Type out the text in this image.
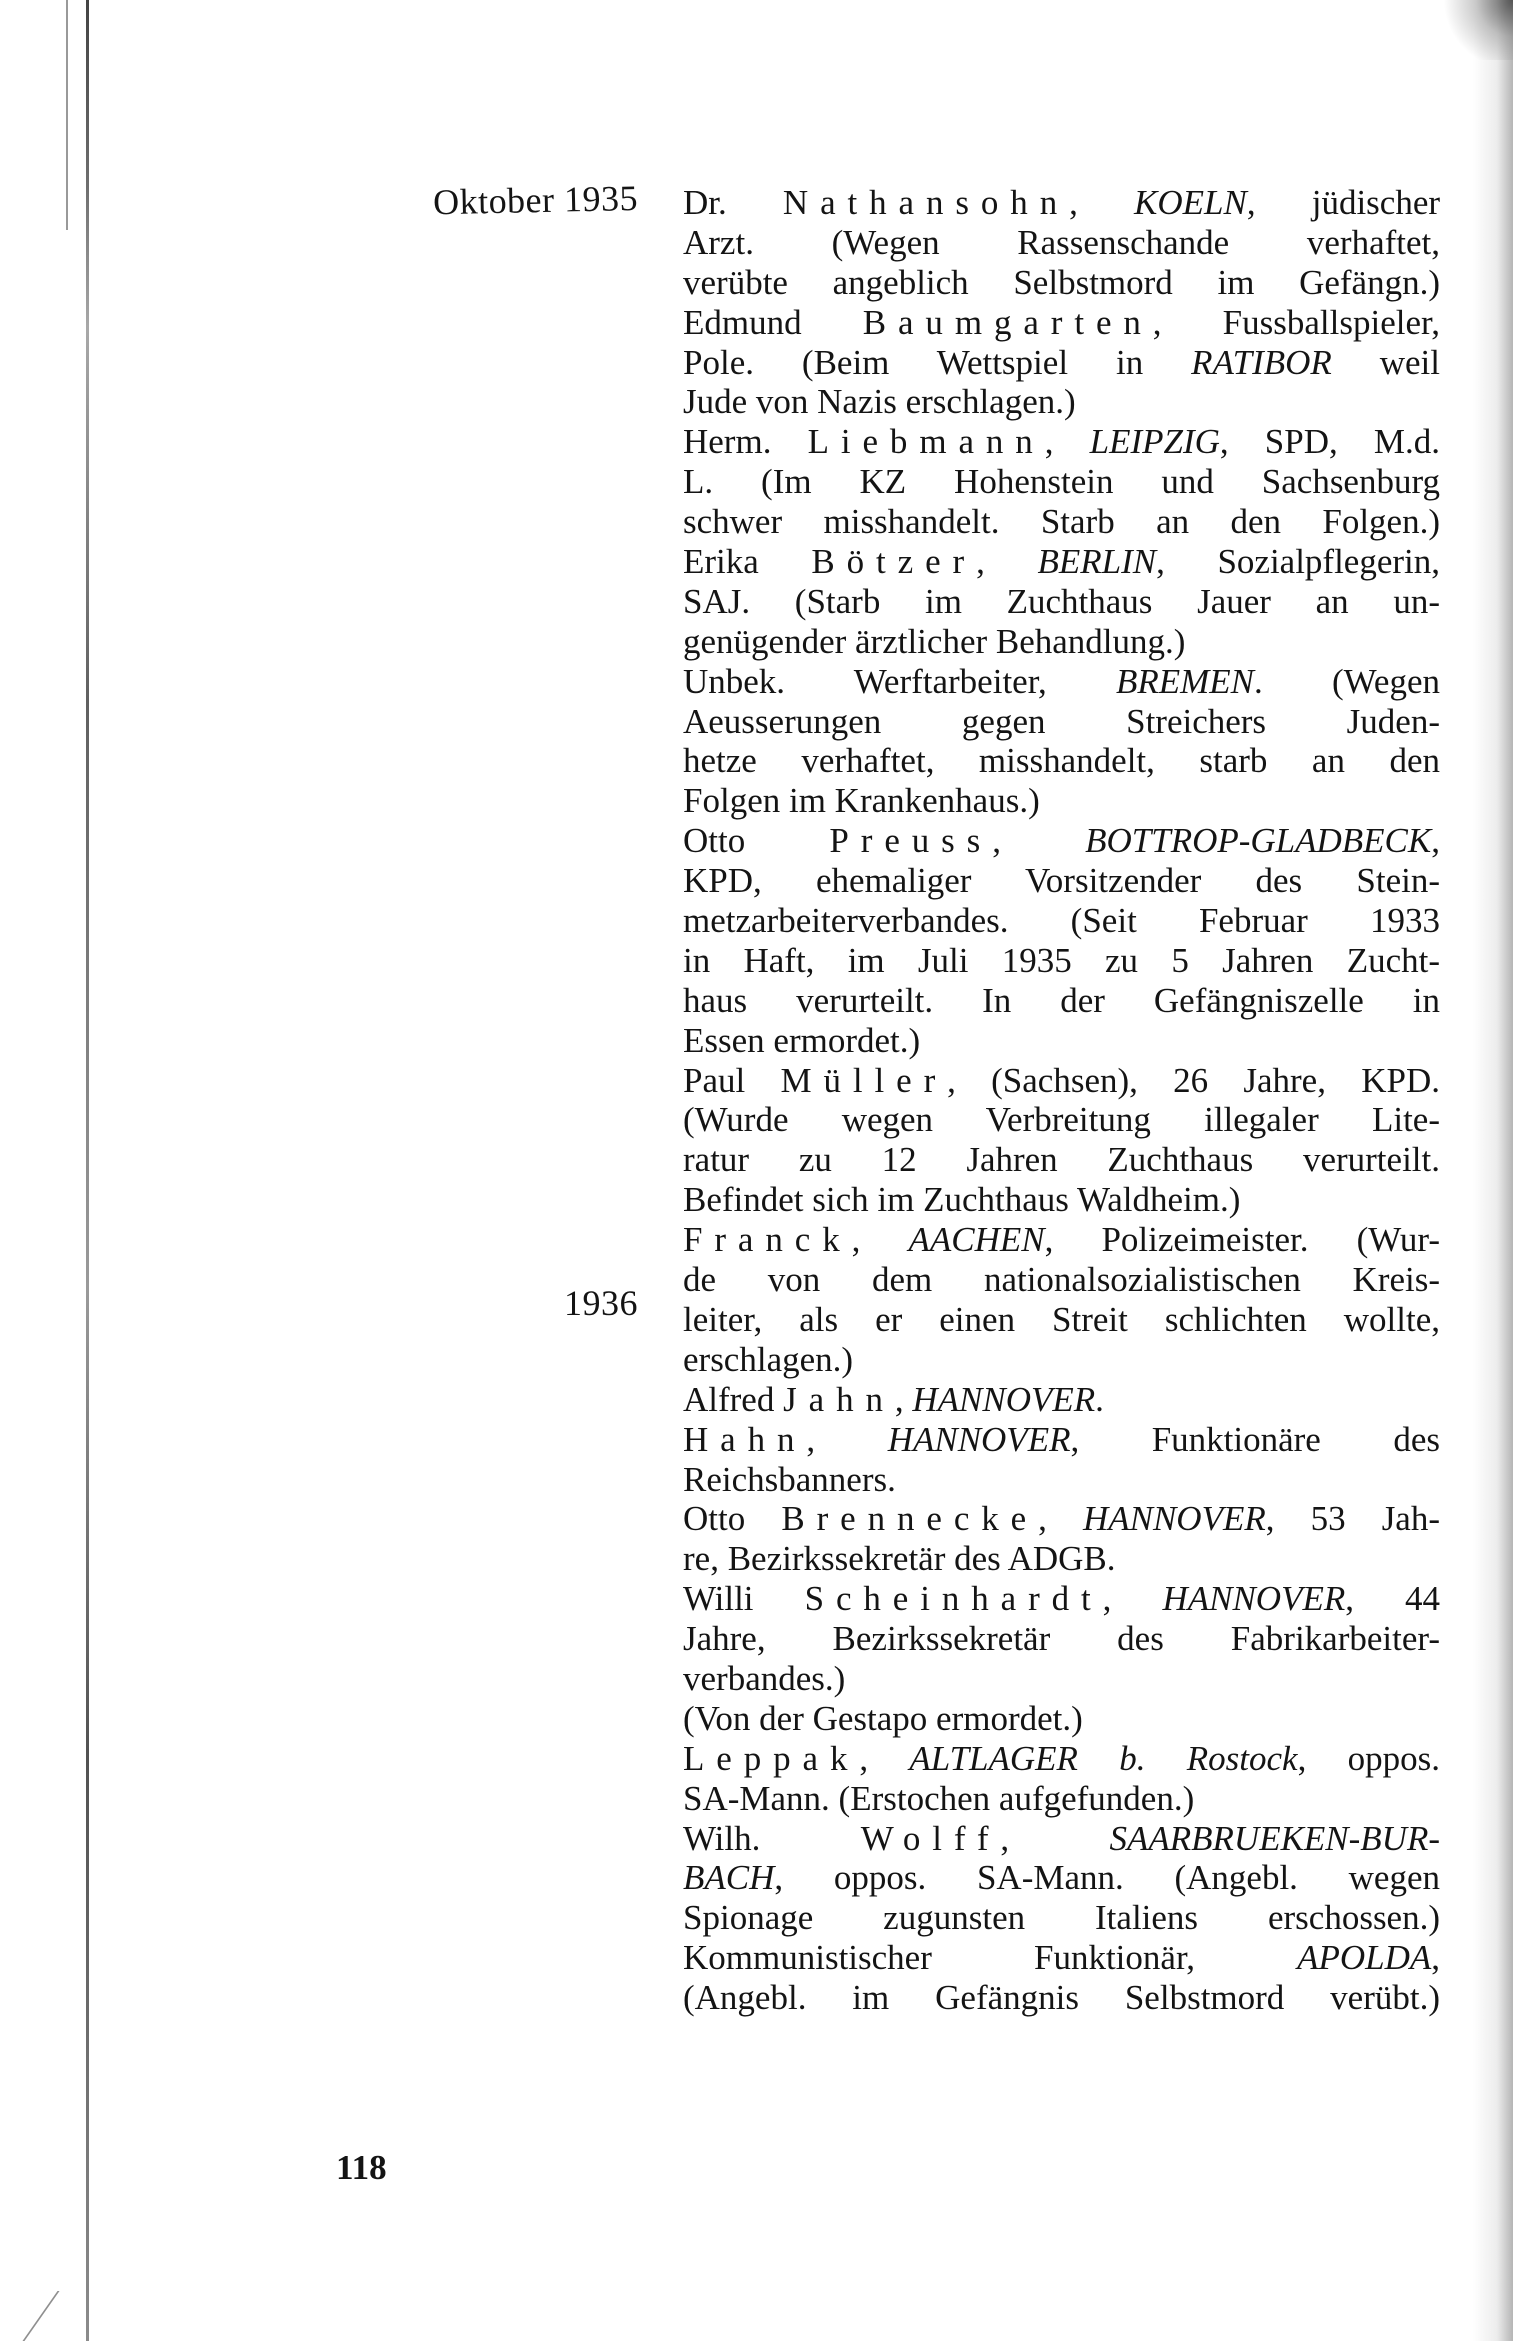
Oktober 1935
1936
Dr. Nathansohn, KOELN, jüdischer
Arzt. (Wegen Rassenschande verhaftet,
verübte angeblich Selbstmord im Gefängn.)
Edmund Baumgarten, Fussballspieler,
Pole. (Beim Wettspiel in RATIBOR weil
Jude von Nazis erschlagen.)
Herm. Liebmann, LEIPZIG, SPD, M.d.
L. (Im KZ Hohenstein und Sachsenburg
schwer misshandelt. Starb an den Folgen.)
Erika Bötzer, BERLIN, Sozialpflegerin,
SAJ. (Starb im Zuchthaus Jauer an un-
genügender ärztlicher Behandlung.)
Unbek. Werftarbeiter, BREMEN. (Wegen
Aeusserungen gegen Streichers Juden-
hetze verhaftet, misshandelt, starb an den
Folgen im Krankenhaus.)
Otto Preuss, BOTTROP-GLADBECK,
KPD, ehemaliger Vorsitzender des Stein-
metzarbeiterverbandes. (Seit Februar 1933
in Haft, im Juli 1935 zu 5 Jahren Zucht-
haus verurteilt. In der Gefängniszelle in
Essen ermordet.)
Paul Müller, (Sachsen), 26 Jahre, KPD.
(Wurde wegen Verbreitung illegaler Lite-
ratur zu 12 Jahren Zuchthaus verurteilt.
Befindet sich im Zuchthaus Waldheim.)
Franck, AACHEN, Polizeimeister. (Wur-
de von dem nationalsozialistischen Kreis-
leiter, als er einen Streit schlichten wollte,
erschlagen.)
Alfred Jahn, HANNOVER.
Hahn, HANNOVER, Funktionäre des
Reichsbanners.
Otto Brennecke, HANNOVER, 53 Jah-
re, Bezirkssekretär des ADGB.
Willi Scheinhardt, HANNOVER, 44
Jahre, Bezirkssekretär des Fabrikarbeiter-
verbandes.)
(Von der Gestapo ermordet.)
Leppak, ALTLAGER b. Rostock, oppos.
SA-Mann. (Erstochen aufgefunden.)
Wilh. Wolff, SAARBRUEKEN-BUR-
BACH, oppos. SA-Mann. (Angebl. wegen
Spionage zugunsten Italiens erschossen.)
Kommunistischer Funktionär, APOLDA,
(Angebl. im Gefängnis Selbstmord verübt.)
118
